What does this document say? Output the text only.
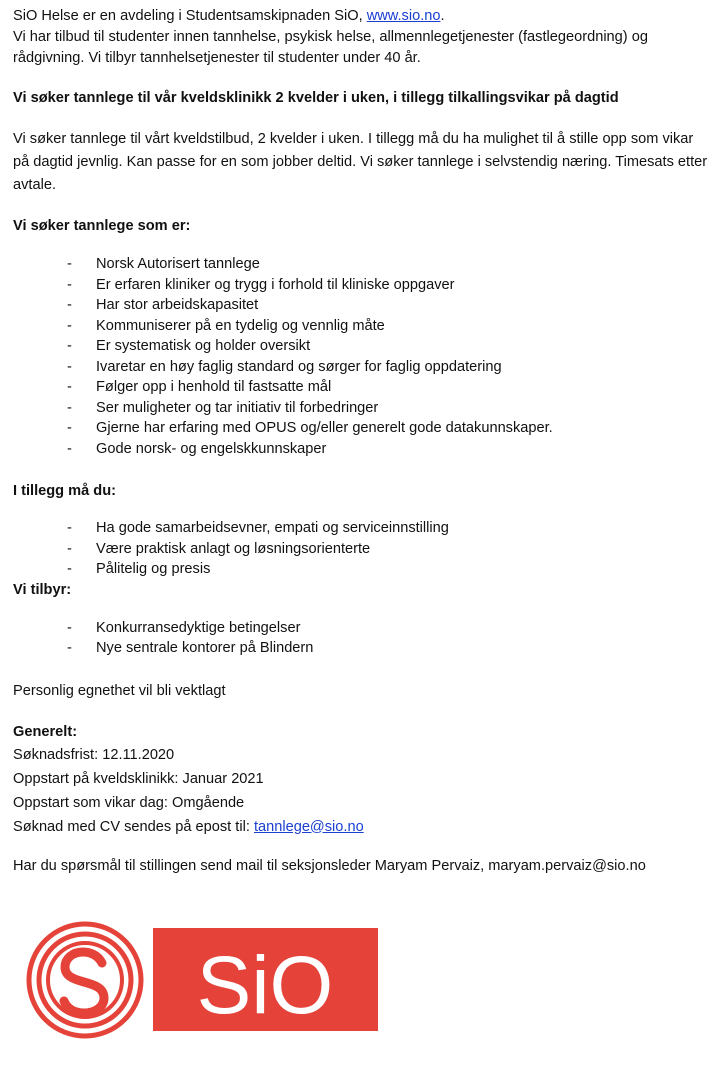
SiO Helse er en avdeling i Studentsamskipnaden SiO, www.sio.no.
Vi har tilbud til studenter innen tannhelse, psykisk helse, allmennlegetjenester (fastlegeordning) og rådgivning. Vi tilbyr tannhelsetjenester til studenter under 40 år.

Vi søker tannlege til vår kveldsklinikk 2 kvelder i uken, i tillegg tilkallingsvikar på dagtid

Vi søker tannlege til vårt kveldstilbud, 2 kvelder i uken. I tillegg må du ha mulighet til å stille opp som vikar på dagtid jevnlig. Kan passe for en som jobber deltid. Vi søker tannlege i selvstendig næring. Timesats etter avtale.

Vi søker tannlege som er:

- Norsk Autorisert tannlege
- Er erfaren kliniker og trygg i forhold til kliniske oppgaver
- Har stor arbeidskapasitet
- Kommuniserer på en tydelig og vennlig måte
- Er systematisk og holder oversikt
- Ivaretar en høy faglig standard og sørger for faglig oppdatering
- Følger opp i henhold til fastsatte mål
- Ser muligheter og tar initiativ til forbedringer
- Gjerne har erfaring med OPUS og/eller generelt gode datakunnskaper.
- Gode norsk- og engelskkunnskaper

I tillegg må du:

- Ha gode samarbeidsevner, empati og serviceinnstilling
- Være praktisk anlagt og løsningsorienterte
- Pålitelig og presis

Vi tilbyr:

- Konkurransedyktige betingelser
- Nye sentrale kontorer på Blindern

Personlig egnethet vil bli vektlagt

Generelt:

Søknadsfrist: 12.11.2020

Oppstart på kveldsklinikk: Januar 2021

Oppstart som vikar dag: Omgående

Søknad med CV sendes på epost til: tannlege@sio.no

Har du spørsmål til stillingen send mail til seksjonsleder Maryam Pervaiz, maryam.pervaiz@sio.no

SiO
